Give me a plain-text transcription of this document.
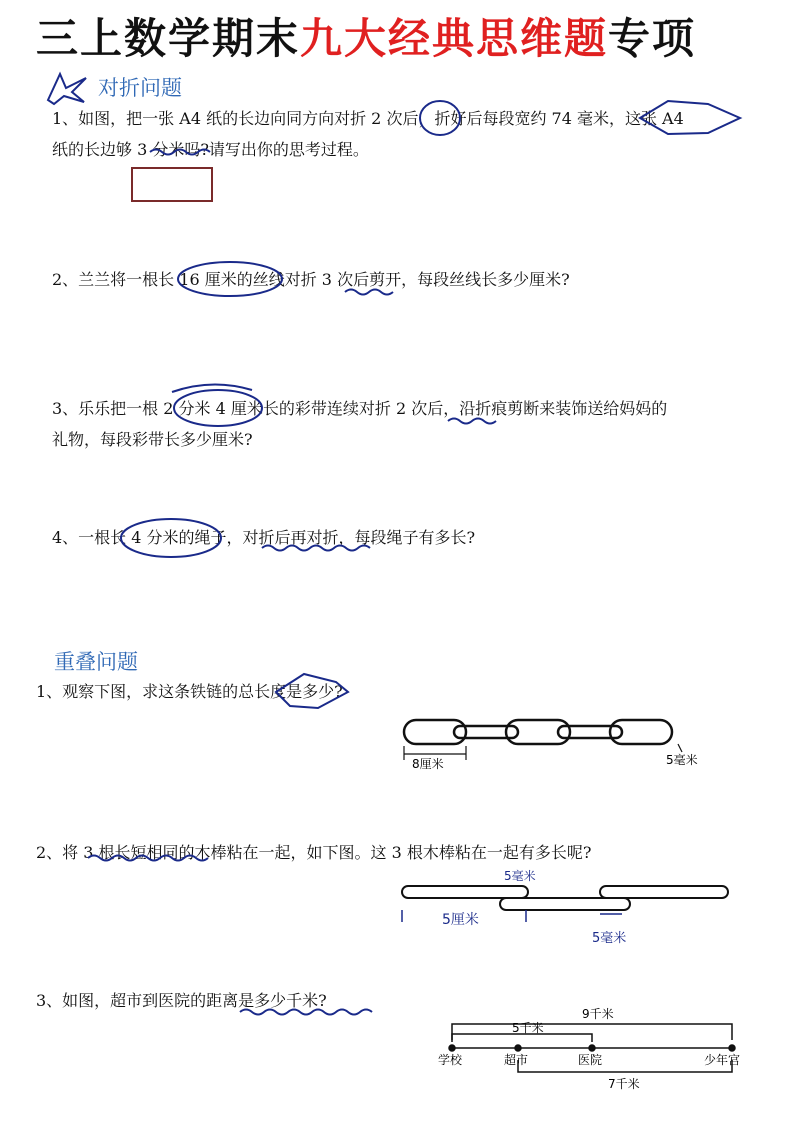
三上数学期末九大经典思维题专项
对折问题
1、如图，把一张 A4 纸的长边向同方向对折 2 次后，折好后每段宽约 74 毫米，这张 A4
纸的长边够 3 分米吗?请写出你的思考过程。
2、兰兰将一根长 16 厘米的丝线对折 3 次后剪开，每段丝线长多少厘米?
3、乐乐把一根 2 分米 4 厘米长的彩带连续对折 2 次后，沿折痕剪断来装饰送给妈妈的
礼物，每段彩带长多少厘米?
4、一根长 4 分米的绳子，对折后再对折，每段绳子有多长?
重叠问题
1、观察下图，求这条铁链的总长度是多少?
8厘米	5毫米
2、将 3 根长短相同的木棒粘在一起，如下图。这 3 根木棒粘在一起有多长呢?
5毫米
5厘米
5毫米
3、如图，超市到医院的距离是多少千米?
9千米
5千米
7千米
学校	超市	医院	少年宫
